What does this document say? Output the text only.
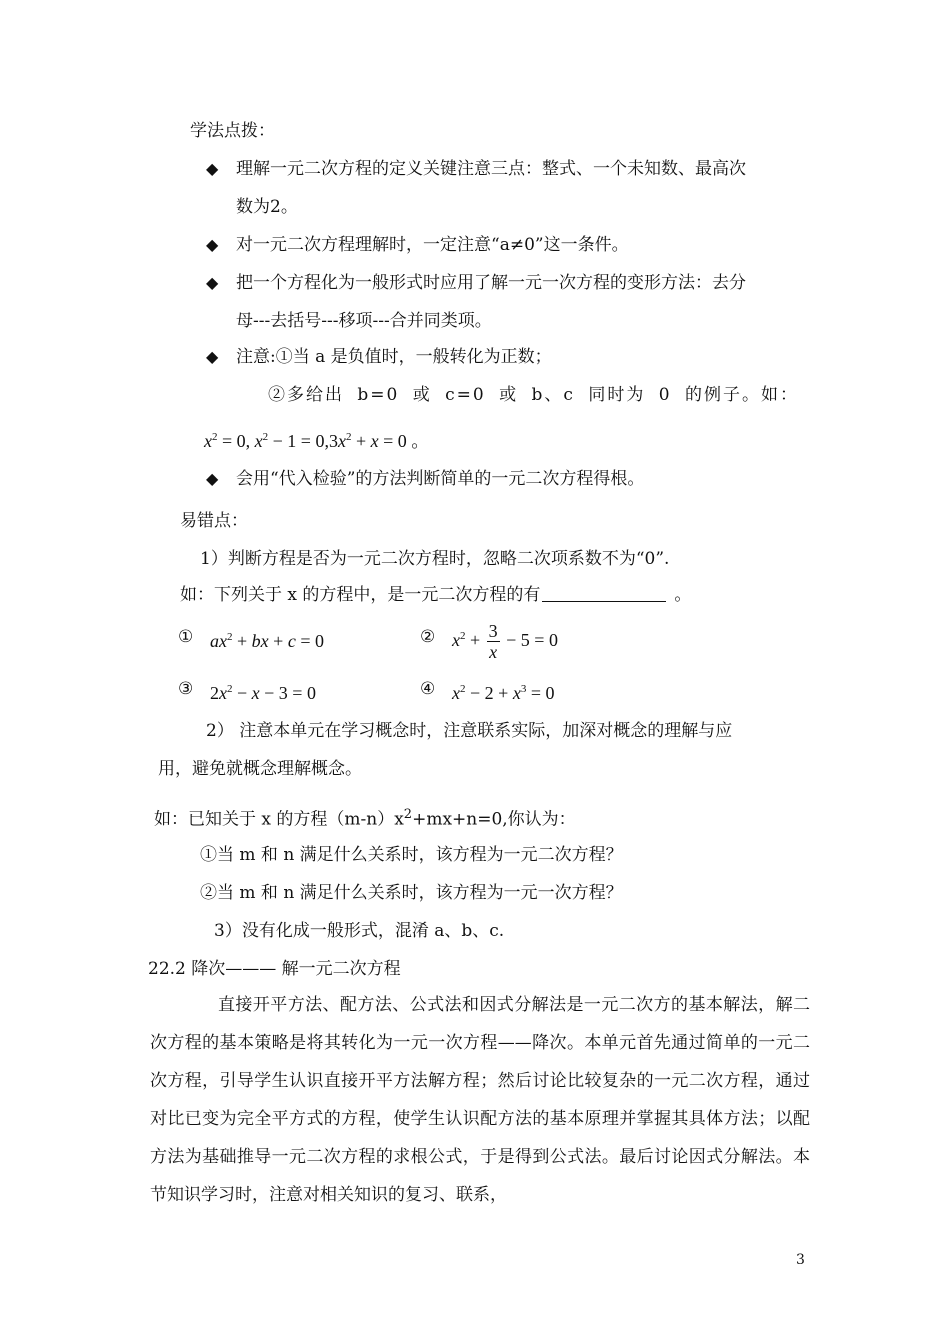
学法点拨：
◆ 理解一元二次方程的定义关键注意三点：整式、一个未知数、最高次
数为2。
◆ 对一元二次方程理解时，一定注意“a≠0”这一条件。
◆ 把一个方程化为一般形式时应用了解一元一次方程的变形方法：去分
母---去括号---移项---合并同类项。
◆ 注意:①当 a 是负值时，一般转化为正数；
②多给出 b=0 或 c=0 或 b、c 同时为 0 的例子。如：
$x^2 = 0$, $x^2 - 1 = 0,3x^2 + x = 0$ 。
◆ 会用“代入检验”的方法判断简单的一元二次方程得根。
易错点：
1）判断方程是否为一元二次方程时，忽略二次项系数不为“0”.
如：下列关于 x 的方程中，是一元二次方程的有	。
① $ax^2$ + bx + c = 0	② $x^2 + \frac{3}{x} - 5 = 0$
③ $2x^2 - x - 3 = 0$	④ $x^2 - 2 + x^3 = 0$
2） 注意本单元在学习概念时，注意联系实际，加深对概念的理解与应
用，避免就概念理解概念。
如：已知关于 x 的方程$(m-n)x^2+mx+n=0$,你认为：
①当 m 和 n 满足什么关系时，该方程为一元二次方程？
②当 m 和 n 满足什么关系时，该方程为一元一次方程？
3）没有化成一般形式，混淆 a、b、c.
22.2 降次——— 解一元二次方程
直接开平方法、配方法、公式法和因式分解法是一元二次方的基本解法，解二次方程的基本策略是将其转化为一元一次方程——降次。本单元首先通过简单的一元二次方程，引导学生认识直接开平方法解方程；然后讨论比较复杂的一元二次方程，通过对比已变为完全平方式的方程，使学生认识配方法的基本原理并掌握其具体方法；以配方法为基础推导一元二次方程的求根公式，于是得到公式法。最后讨论因式分解法。本节知识学习时，注意对相关知识的复习、联系，
3
